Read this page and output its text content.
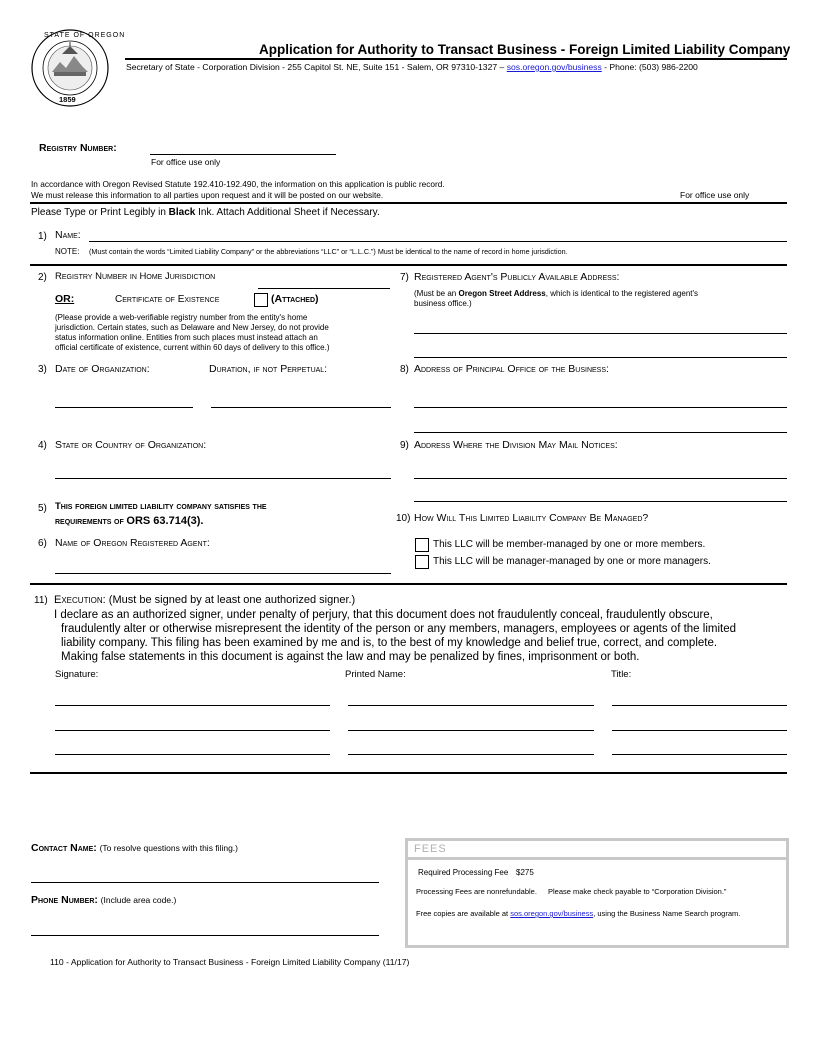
STATE OF OREGON
1859
Application for Authority to Transact Business - Foreign Limited Liability Company
Secretary of State - Corporation Division - 255 Capitol St. NE, Suite 151 - Salem, OR 97310-1327 – sos.oregon.gov/business - Phone: (503) 986-2200
Registry Number:
For office use only
In accordance with Oregon Revised Statute 192.410-192.490, the information on this application is public record.
We must release this information to all parties upon request and it will be posted on our website.	For office use only
Please Type or Print Legibly in Black Ink. Attach Additional Sheet if Necessary.
1) Name:
NOTE: (Must contain the words “Limited Liability Company” or the abbreviations “LLC” or “L.L.C.”) Must be identical to the name of record in home jurisdiction.
2) Registry Number in Home Jurisdiction
OR:	Certificate of Existence	(Attached)
(Please provide a web-verifiable registry number from the entity's home
jurisdiction. Certain states, such as Delaware and New Jersey, do not provide
status information online. Entities from such places must instead attach an
official certificate of existence, current within 60 days of delivery to this office.)
3) Date of Organization:	Duration, if not Perpetual:
4) State or Country of Organization:
5) This foreign limited liability company satisfies the
requirements of ORS 63.714(3).
6) Name of Oregon Registered Agent:
7) Registered Agent's Publicly Available Address:
(Must be an Oregon Street Address, which is identical to the registered agent's
business office.)
8) Address of Principal Office of the Business:
9) Address Where the Division May Mail Notices:
10) How Will This Limited Liability Company Be Managed?
This LLC will be member-managed by one or more members.
This LLC will be manager-managed by one or more managers.
11) Execution: (Must be signed by at least one authorized signer.)
I declare as an authorized signer, under penalty of perjury, that this document does not fraudulently conceal, fraudulently obscure,
fraudulently alter or otherwise misrepresent the identity of the person or any members, managers, employees or agents of the limited
liability company. This filing has been examined by me and is, to the best of my knowledge and belief true, correct, and complete.
Making false statements in this document is against the law and may be penalized by fines, imprisonment or both.
Signature:	Printed Name:	Title:
Contact Name: (To resolve questions with this filing.)
Phone Number: (Include area code.)
FEES
Required Processing Fee $275
Processing Fees are nonrefundable. Please make check payable to “Corporation Division.”
Free copies are available at sos.oregon.gov/business, using the Business Name Search program.
110 - Application for Authority to Transact Business - Foreign Limited Liability Company (11/17)
